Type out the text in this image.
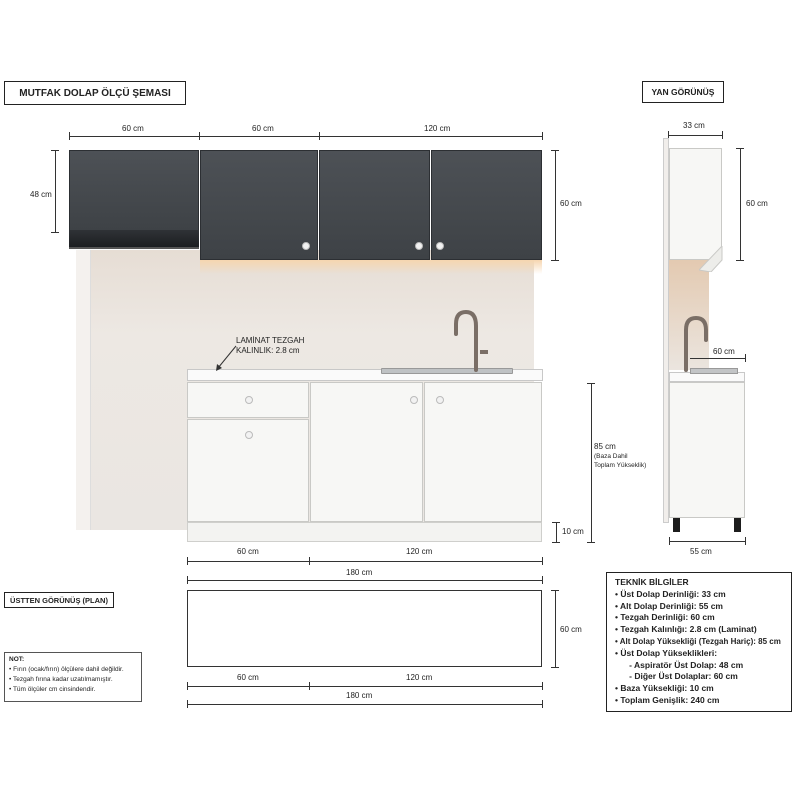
MUTFAK DOLAP ÖLÇÜ ŞEMASI	YAN GÖRÜNÜŞ
60 cm	60 cm	120 cm
48 cm
60 cm
LAMİNAT TEZGAH
KALINLIK: 2.8 cm
85 cm
(Baza Dahil
Toplam Yükseklik)
10 cm
60 cm	120 cm
180 cm
33 cm
60 cm
60 cm
55 cm
ÜSTTEN GÖRÜNÜŞ (PLAN)
60 cm
60 cm	120 cm
180 cm
NOT:
• Fırın (ocak/fırın) ölçülere dahil değildir.
• Tezgah fırına kadar uzatılmamıştır.
• Tüm ölçüler cm cinsindendir.
TEKNİK BİLGİLER
• Üst Dolap Derinliği: 33 cm
• Alt Dolap Derinliği: 55 cm
• Tezgah Derinliği: 60 cm
• Tezgah Kalınlığı: 2.8 cm (Laminat)
• Alt Dolap Yüksekliği (Tezgah Hariç): 85 cm
• Üst Dolap Yükseklikleri:
- Aspiratör Üst Dolap: 48 cm
- Diğer Üst Dolaplar: 60 cm
• Baza Yüksekliği: 10 cm
• Toplam Genişlik: 240 cm
